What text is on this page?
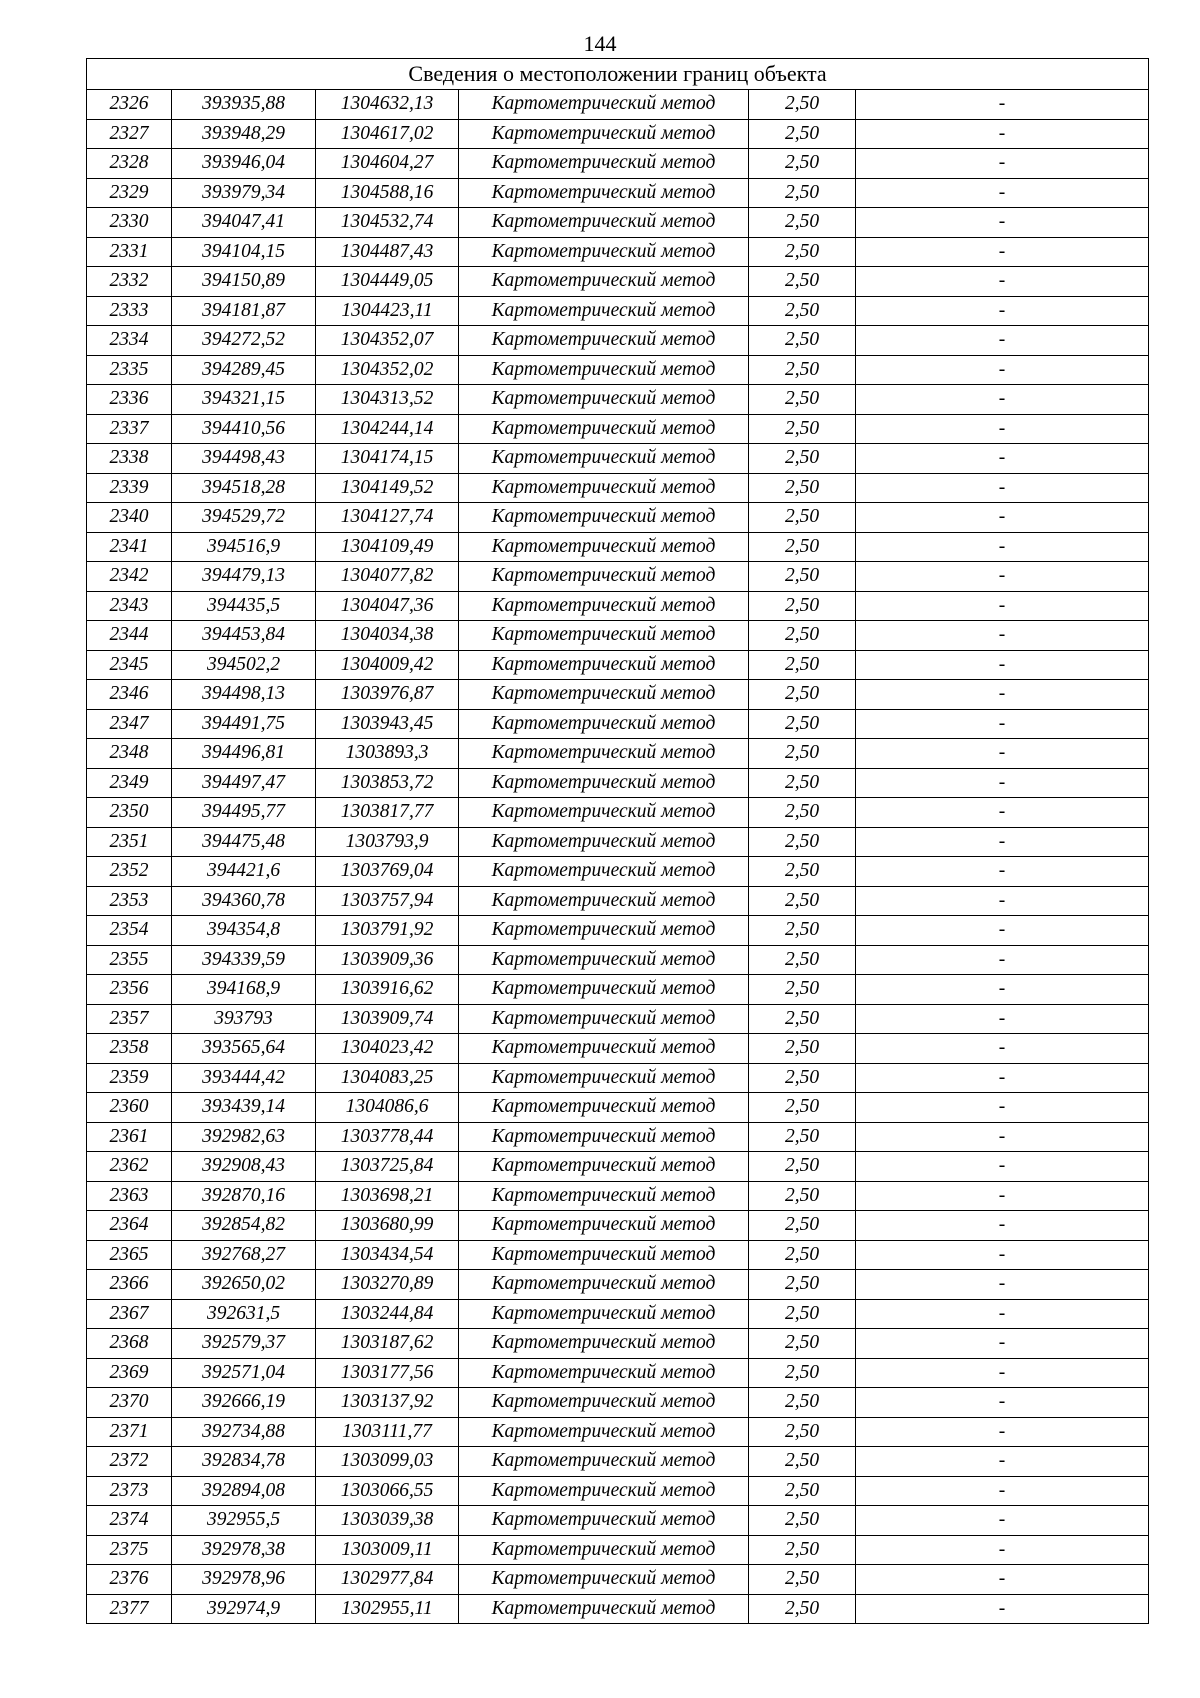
144
Сведения о местоположении границ объекта					
2326	393935,88	1304632,13	Картометрический метод	2,50	-
2327	393948,29	1304617,02	Картометрический метод	2,50	-
2328	393946,04	1304604,27	Картометрический метод	2,50	-
2329	393979,34	1304588,16	Картометрический метод	2,50	-
2330	394047,41	1304532,74	Картометрический метод	2,50	-
2331	394104,15	1304487,43	Картометрический метод	2,50	-
2332	394150,89	1304449,05	Картометрический метод	2,50	-
2333	394181,87	1304423,11	Картометрический метод	2,50	-
2334	394272,52	1304352,07	Картометрический метод	2,50	-
2335	394289,45	1304352,02	Картометрический метод	2,50	-
2336	394321,15	1304313,52	Картометрический метод	2,50	-
2337	394410,56	1304244,14	Картометрический метод	2,50	-
2338	394498,43	1304174,15	Картометрический метод	2,50	-
2339	394518,28	1304149,52	Картометрический метод	2,50	-
2340	394529,72	1304127,74	Картометрический метод	2,50	-
2341	394516,9	1304109,49	Картометрический метод	2,50	-
2342	394479,13	1304077,82	Картометрический метод	2,50	-
2343	394435,5	1304047,36	Картометрический метод	2,50	-
2344	394453,84	1304034,38	Картометрический метод	2,50	-
2345	394502,2	1304009,42	Картометрический метод	2,50	-
2346	394498,13	1303976,87	Картометрический метод	2,50	-
2347	394491,75	1303943,45	Картометрический метод	2,50	-
2348	394496,81	1303893,3	Картометрический метод	2,50	-
2349	394497,47	1303853,72	Картометрический метод	2,50	-
2350	394495,77	1303817,77	Картометрический метод	2,50	-
2351	394475,48	1303793,9	Картометрический метод	2,50	-
2352	394421,6	1303769,04	Картометрический метод	2,50	-
2353	394360,78	1303757,94	Картометрический метод	2,50	-
2354	394354,8	1303791,92	Картометрический метод	2,50	-
2355	394339,59	1303909,36	Картометрический метод	2,50	-
2356	394168,9	1303916,62	Картометрический метод	2,50	-
2357	393793	1303909,74	Картометрический метод	2,50	-
2358	393565,64	1304023,42	Картометрический метод	2,50	-
2359	393444,42	1304083,25	Картометрический метод	2,50	-
2360	393439,14	1304086,6	Картометрический метод	2,50	-
2361	392982,63	1303778,44	Картометрический метод	2,50	-
2362	392908,43	1303725,84	Картометрический метод	2,50	-
2363	392870,16	1303698,21	Картометрический метод	2,50	-
2364	392854,82	1303680,99	Картометрический метод	2,50	-
2365	392768,27	1303434,54	Картометрический метод	2,50	-
2366	392650,02	1303270,89	Картометрический метод	2,50	-
2367	392631,5	1303244,84	Картометрический метод	2,50	-
2368	392579,37	1303187,62	Картометрический метод	2,50	-
2369	392571,04	1303177,56	Картометрический метод	2,50	-
2370	392666,19	1303137,92	Картометрический метод	2,50	-
2371	392734,88	1303111,77	Картометрический метод	2,50	-
2372	392834,78	1303099,03	Картометрический метод	2,50	-
2373	392894,08	1303066,55	Картометрический метод	2,50	-
2374	392955,5	1303039,38	Картометрический метод	2,50	-
2375	392978,38	1303009,11	Картометрический метод	2,50	-
2376	392978,96	1302977,84	Картометрический метод	2,50	-
2377	392974,9	1302955,11	Картометрический метод	2,50	-
